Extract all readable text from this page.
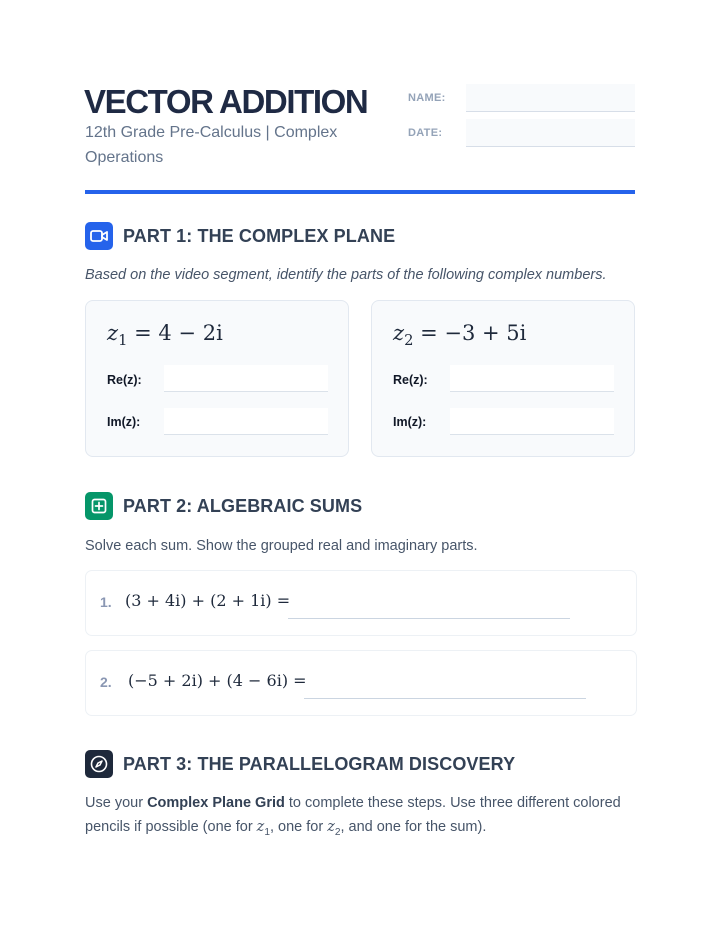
VECTOR ADDITION
12th Grade Pre-Calculus | Complex Operations
NAME:
DATE:
PART 1: THE COMPLEX PLANE
Based on the video segment, identify the parts of the following complex numbers.
$z_1 = 4 - 2i$
Re(z):
Im(z):
$z_2 = -3 + 5i$
Re(z):
Im(z):
PART 2: ALGEBRAIC SUMS
Solve each sum. Show the grouped real and imaginary parts.
1. (3 + 4i) + (2 + 1i) =
2. (−5 + 2i) + (4 − 6i) =
PART 3: THE PARALLELOGRAM DISCOVERY
Use your Complex Plane Grid to complete these steps. Use three different colored pencils if possible (one for $z_1$, one for $z_2$, and one for the sum).
